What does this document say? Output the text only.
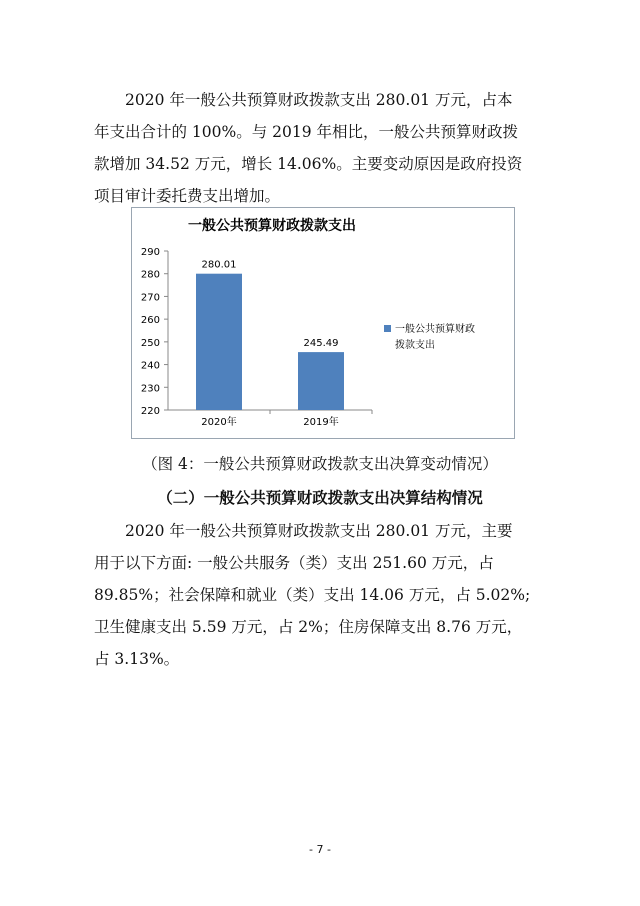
2020 年一般公共预算财政拨款支出 280.01 万元，占本
年支出合计的 100%。与 2019 年相比，一般公共预算财政拨
款增加 34.52 万元，增长 14.06%。主要变动原因是政府投资
项目审计委托费支出增加。
一般公共预算财政拨款支出
220
230
240
250
260
270
280
290
280.01
2020年
245.49
2019年
一般公共预算财政
拨款支出
（图 4：一般公共预算财政拨款支出决算变动情况）
（二）一般公共预算财政拨款支出决算结构情况
2020 年一般公共预算财政拨款支出 280.01 万元，主要
用于以下方面: 一般公共服务（类）支出 251.60 万元，占
89.85%；社会保障和就业（类）支出 14.06 万元，占 5.02%;
卫生健康支出 5.59 万元，占 2%；住房保障支出 8.76 万元，
占 3.13%。
- 7 -
